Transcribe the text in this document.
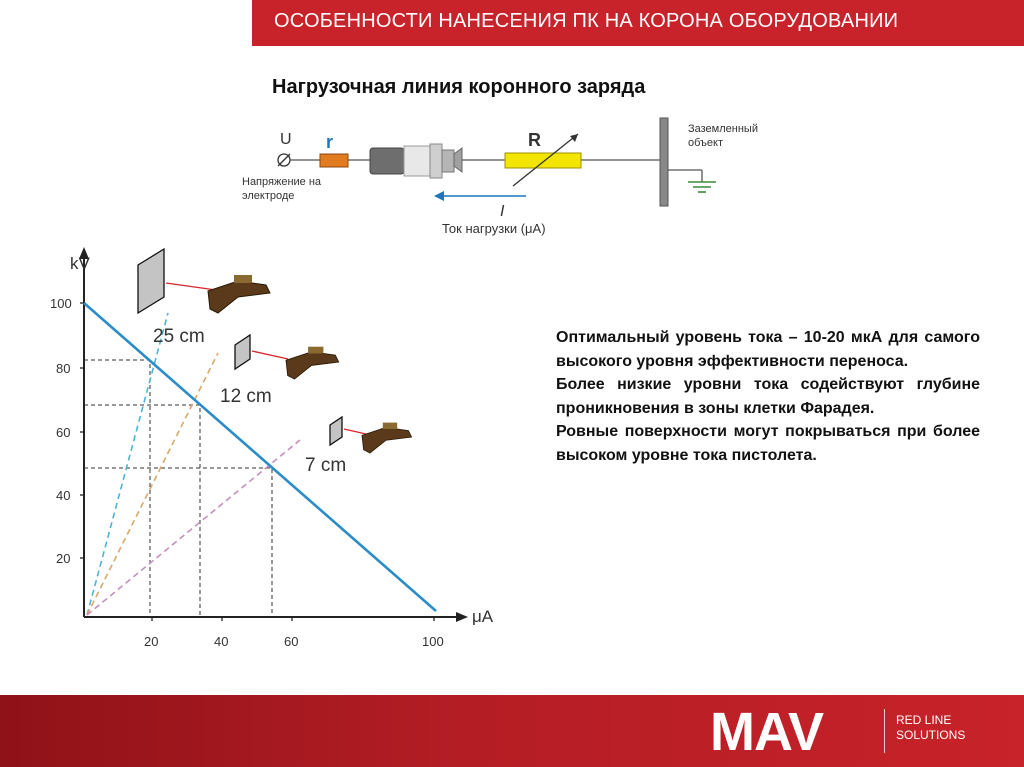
ОСОБЕННОСТИ НАНЕСЕНИЯ ПК НА КОРОНА ОБОРУДОВАНИИ
Нагрузочная линия коронного заряда
U r	R
Заземленный
объект
Напряжение на
электроде
I
Ток нагрузки (μA)
kV
μA
100
80
60
40
20
20	40	60	100
25 cm
12 cm
7 cm

Оптимальный уровень тока – 10-20 мкА для самого высокого уровня эффективности переноса.

Более низкие уровни тока содействуют глубине проникновения в зоны клетки Фарадея.

Ровные поверхности могут покрываться при более высоком уровне тока пистолета.

MAV	RED LINE
SOLUTIONS
